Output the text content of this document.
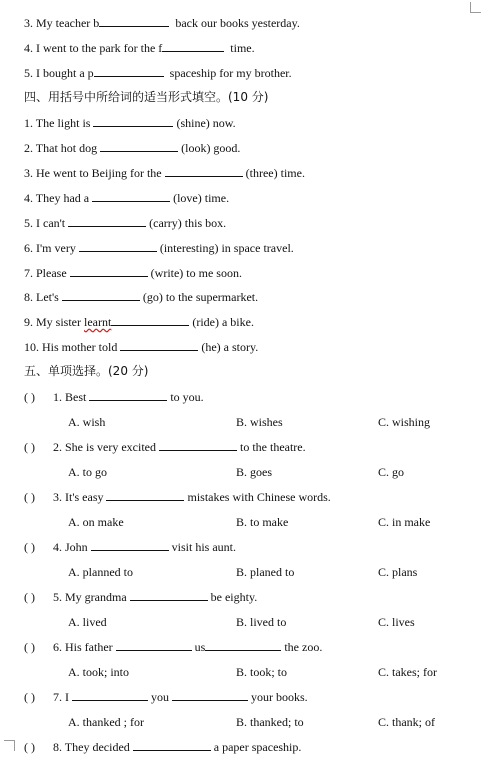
3. My teacher b	back our books yesterday.
4. I went to the park for the f	time.
5. I bought a p	spaceship for my brother.
四、用括号中所给词的适当形式填空。(10 分)
1. The light is	(shine) now.
2. That hot dog	(look) good.
3. He went to Beijing for the	(three) time.
4. They had a	(love) time.
5. I can't	(carry) this box.
6. I'm very	(interesting) in space travel.
7. Please	(write) to me soon.
8. Let's	(go) to the supermarket.
9. My sister learnt	(ride) a bike.
10. His mother told	(he) a story.
五、单项选择。(20 分)
( ) 1. Best	to you.
A. wish	B. wishes	C. wishing
( ) 2. She is very excited	to the theatre.
A. to go	B. goes	C. go
( ) 3. It's easy	mistakes with Chinese words.
A. on make	B. to make	C. in make
( ) 4. John	visit his aunt.
A. planned to	B. planed to	C. plans
( ) 5. My grandma	be eighty.
A. lived	B. lived to	C. lives
( ) 6. His father	us	the zoo.
A. took; into	B. took; to	C. takes; for
( ) 7. I	you	your books.
A. thanked ; for	B. thanked; to	C. thank; of
( ) 8. They decided	a paper spaceship.
